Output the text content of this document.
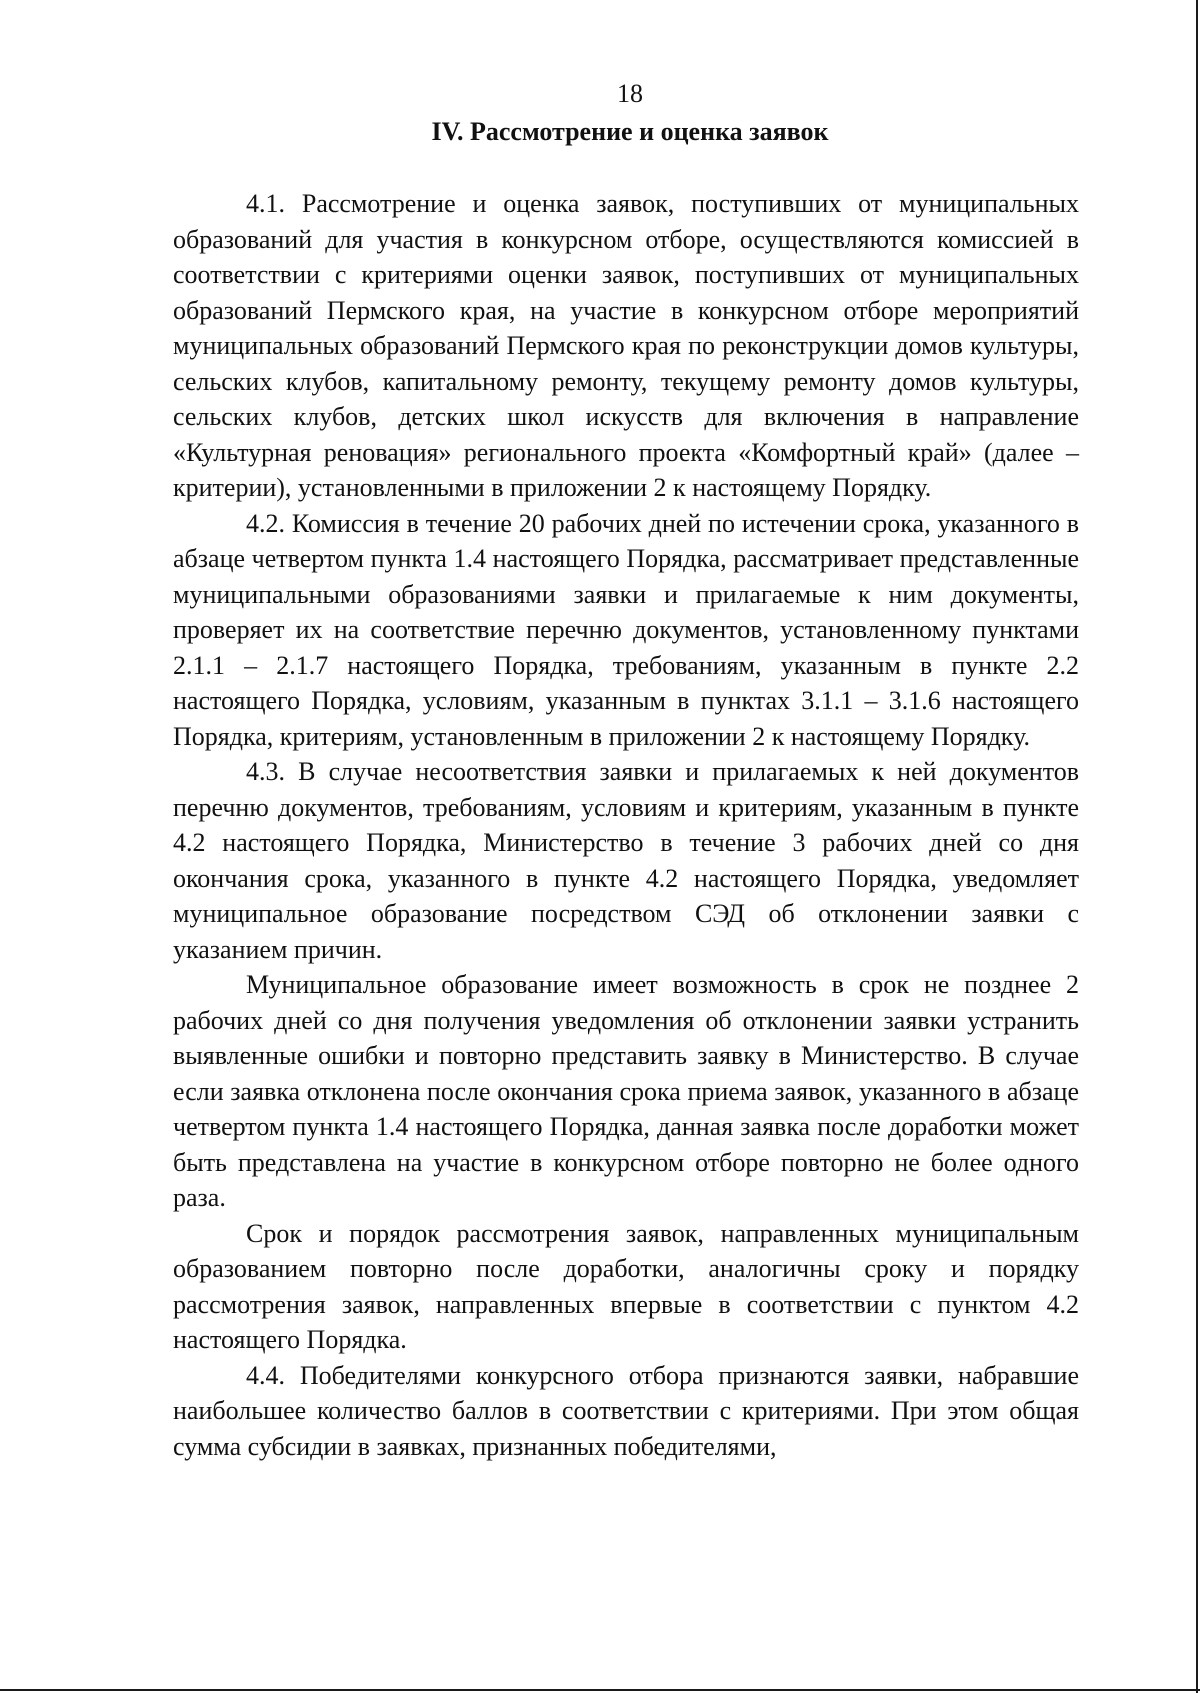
18
IV. Рассмотрение и оценка заявок

4.1. Рассмотрение и оценка заявок, поступивших от муниципальных образований для участия в конкурсном отборе, осуществляются комиссией в соответствии с критериями оценки заявок, поступивших от муниципальных образований Пермского края, на участие в конкурсном отборе мероприятий муниципальных образований Пермского края по реконструкции домов культуры, сельских клубов, капитальному ремонту, текущему ремонту домов культуры, сельских клубов, детских школ искусств для включения в направление «Культурная реновация» регионального проекта «Комфортный край» (далее – критерии), установленными в приложении 2 к настоящему Порядку.

4.2. Комиссия в течение 20 рабочих дней по истечении срока, указанного в абзаце четвертом пункта 1.4 настоящего Порядка, рассматривает представленные муниципальными образованиями заявки и прилагаемые к ним документы, проверяет их на соответствие перечню документов, установленному пунктами 2.1.1 – 2.1.7 настоящего Порядка, требованиям, указанным в пункте 2.2 настоящего Порядка, условиям, указанным в пунктах 3.1.1 – 3.1.6 настоящего Порядка, критериям, установленным в приложении 2 к настоящему Порядку.

4.3. В случае несоответствия заявки и прилагаемых к ней документов перечню документов, требованиям, условиям и критериям, указанным в пункте 4.2 настоящего Порядка, Министерство в течение 3 рабочих дней со дня окончания срока, указанного в пункте 4.2 настоящего Порядка, уведомляет муниципальное образование посредством СЭД об отклонении заявки с указанием причин.

Муниципальное образование имеет возможность в срок не позднее 2 рабочих дней со дня получения уведомления об отклонении заявки устранить выявленные ошибки и повторно представить заявку в Министерство. В случае если заявка отклонена после окончания срока приема заявок, указанного в абзаце четвертом пункта 1.4 настоящего Порядка, данная заявка после доработки может быть представлена на участие в конкурсном отборе повторно не более одного раза.

Срок и порядок рассмотрения заявок, направленных муниципальным образованием повторно после доработки, аналогичны сроку и порядку рассмотрения заявок, направленных впервые в соответствии с пунктом 4.2 настоящего Порядка.

4.4. Победителями конкурсного отбора признаются заявки, набравшие наибольшее количество баллов в соответствии с критериями. При этом общая сумма субсидии в заявках, признанных победителями,
